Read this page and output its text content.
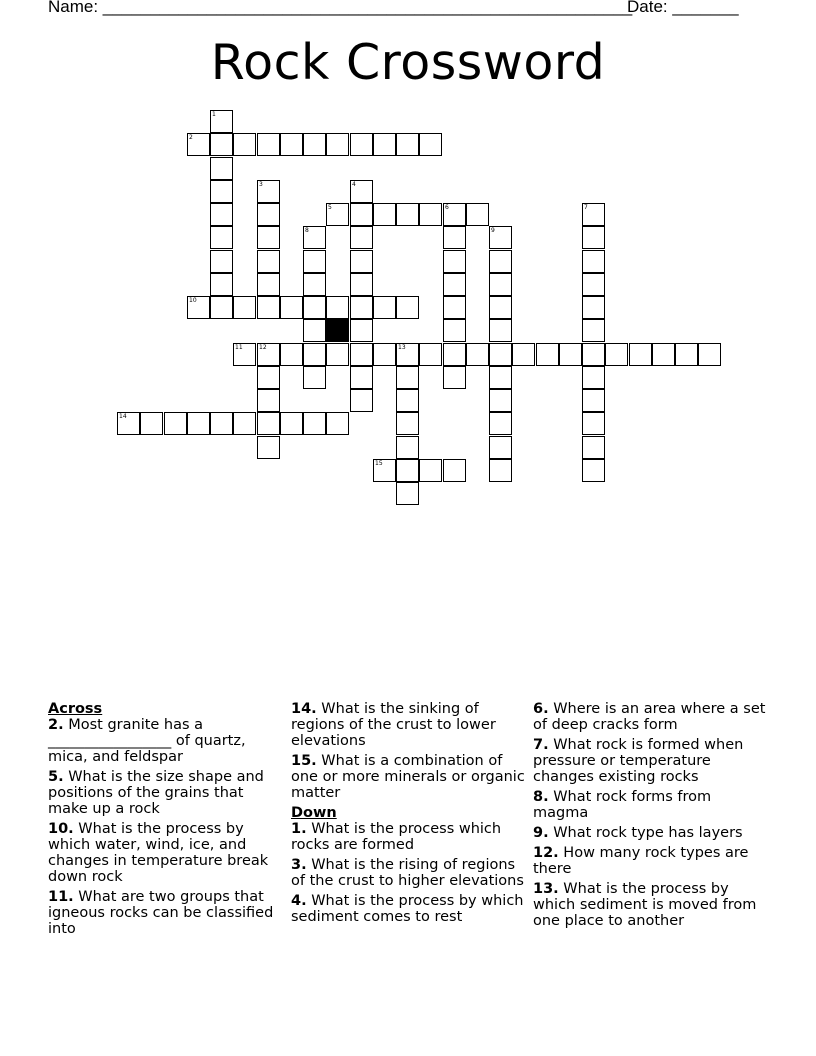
Name: ________________________________________________________
Date: _______
Rock Crossword
1
2
3	4
5	6	7
8	9
10
11	12	13
14
15
Across
2. Most granite has a _________________ of quartz, mica, and feldspar
5. What is the size shape and positions of the grains that make up a rock
10. What is the process by which water, wind, ice, and changes in temperature break down rock
11. What are two groups that igneous rocks can be classified into
14. What is the sinking of regions of the crust to lower elevations
15. What is a combination of one or more minerals or organic matter
Down
1. What is the process which rocks are formed
3. What is the rising of regions of the crust to higher elevations
4. What is the process by which sediment comes to rest
6. Where is an area where a set of deep cracks form
7. What rock is formed when pressure or temperature changes existing rocks
8. What rock forms from magma
9. What rock type has layers
12. How many rock types are there
13. What is the process by which sediment is moved from one place to another
